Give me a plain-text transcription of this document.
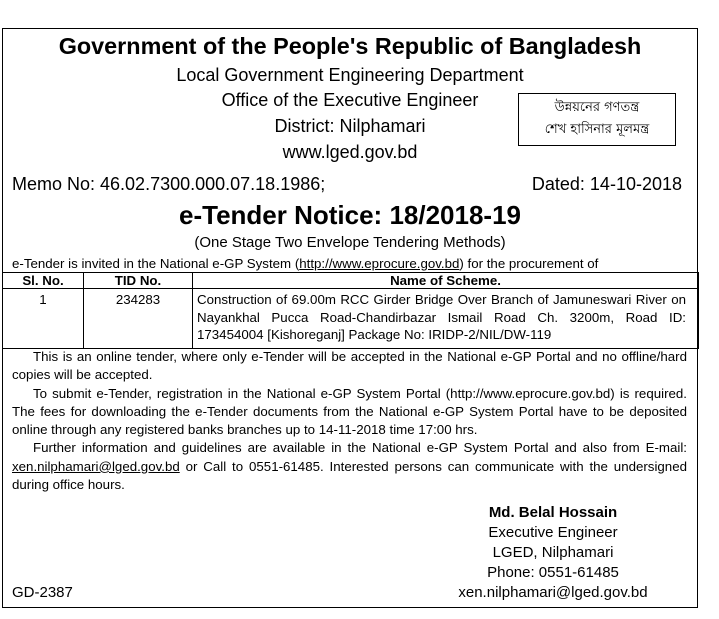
Government of the People's Republic of Bangladesh
Local Government Engineering Department
Office of the Executive Engineer
District: Nilphamari
www.lged.gov.bd
উন্নয়নের গণতন্ত্র
শেখ হাসিনার মূলমন্ত্র
Memo No: 46.02.7300.000.07.18.1986;	Dated: 14-10-2018
e-Tender Notice: 18/2018-19
(One Stage Two Envelope Tendering Methods)
e-Tender is invited in the National e-GP System (http://www.eprocure.gov.bd) for the procurement of
Sl. No.	TID No.	Name of Scheme.
1	234283	Construction of 69.00m RCC Girder Bridge Over Branch of Jamuneswari River on Nayankhal Pucca Road-Chandirbazar Ismail Road Ch. 3200m, Road ID: 173454004 [Kishoreganj] Package No: IRIDP-2/NIL/DW-119

This is an online tender, where only e-Tender will be accepted in the National e-GP Portal and no offline/hard copies will be accepted.

To submit e-Tender, registration in the National e-GP System Portal (http://www.eprocure.gov.bd) is required. The fees for downloading the e-Tender documents from the National e-GP System Portal have to be deposited online through any registered banks branches up to 14-11-2018 time 17:00 hrs.

Further information and guidelines are available in the National e-GP System Portal and also from E-mail: xen.nilphamari@lged.gov.bd or Call to 0551-61485. Interested persons can communicate with the undersigned during office hours.

Md. Belal Hossain
Executive Engineer
LGED, Nilphamari
Phone: 0551-61485
xen.nilphamari@lged.gov.bd
GD-2387
